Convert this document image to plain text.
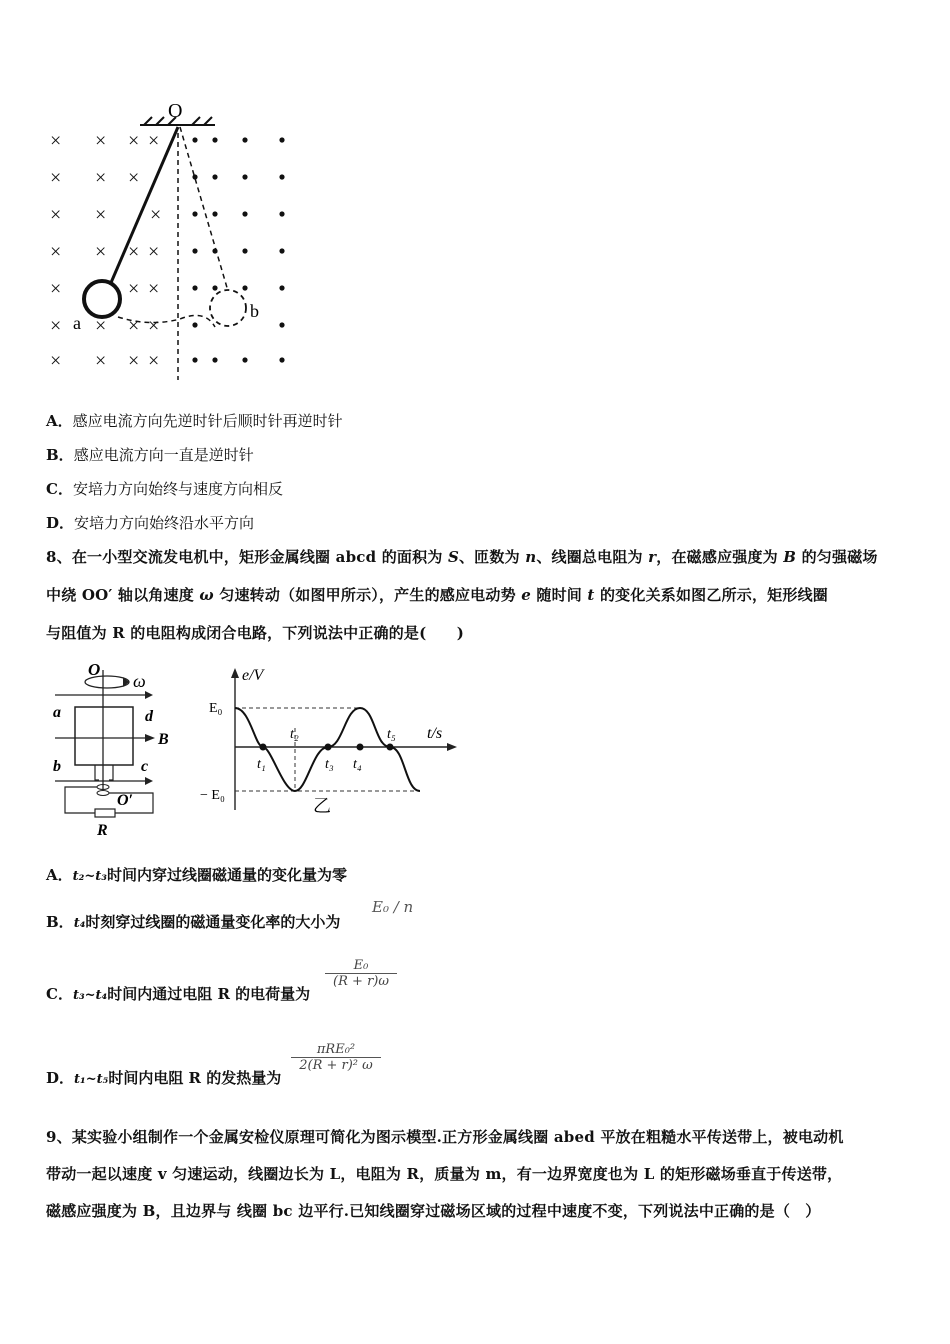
O
× × × ×
× × ×
× × ×
× × × ×
×	× ×
× × × ×
× × × ×
a
b
A．感应电流方向先逆时针后顺时针再逆时针
B．感应电流方向一直是逆时针
C．安培力方向始终与速度方向相反
D．安培力方向始终沿水平方向
8、在一小型交流发电机中，矩形金属线圈 abcd 的面积为 S、匝数为 n、线圈总电阻为 r，在磁感应强度为 B 的匀强磁场
中绕 OO′ 轴以角速度 ω 匀速转动（如图甲所示），产生的感应电动势 e 随时间 t 的变化关系如图乙所示，矩形线圈
与阻值为 R 的电阻构成闭合电路，下列说法中正确的是(　　)
O
ω
a	d
B
b	c
O′
R
e/V
t/s
E₀
− E₀
t₁
t₂
t₃ t₄
t₅
乙
A．t₂~t₃时间内穿过线圈磁通量的变化量为零
B．t₄时刻穿过线圈的磁通量变化率的大小为
E₀ / n
C．t₃~t₄时间内通过电阻 R 的电荷量为
E₀
(R + r)ω
D．t₁~t₅时间内电阻 R 的发热量为
πRE₀²
2(R + r)² ω
9、某实验小组制作一个金属安检仪原理可简化为图示模型.正方形金属线圈 abed 平放在粗糙水平传送带上，被电动机
带动一起以速度 v 匀速运动，线圈边长为 L，电阻为 R，质量为 m，有一边界宽度也为 L 的矩形磁场垂直于传送带，
磁感应强度为 B，且边界与 线圈 bc 边平行.已知线圈穿过磁场区域的过程中速度不变，下列说法中正确的是（　）
